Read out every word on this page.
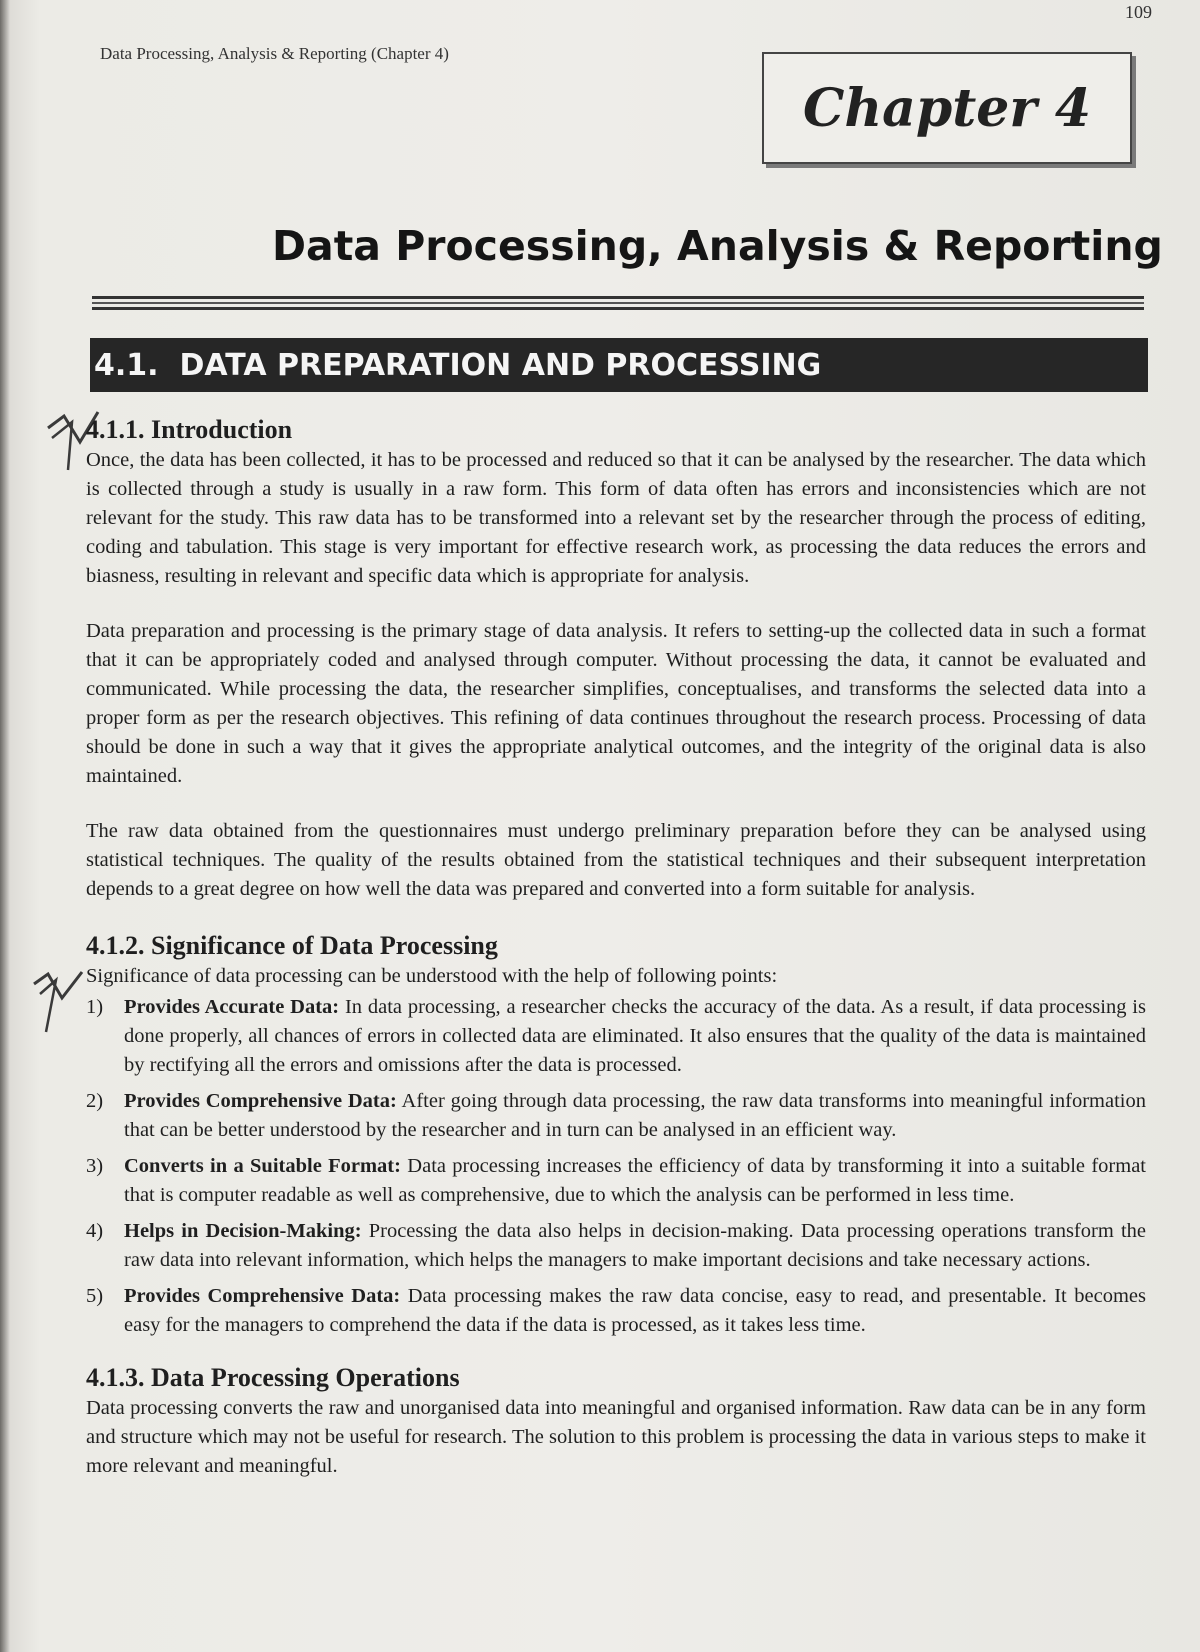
109
Data Processing, Analysis & Reporting (Chapter 4)
Chapter 4
Data Processing, Analysis & Reporting
4.1. DATA PREPARATION AND PROCESSING
4.1.1. Introduction

Once, the data has been collected, it has to be processed and reduced so that it can be analysed by the researcher. The data which is collected through a study is usually in a raw form. This form of data often has errors and inconsistencies which are not relevant for the study. This raw data has to be transformed into a relevant set by the researcher through the process of editing, coding and tabulation. This stage is very important for effective research work, as processing the data reduces the errors and biasness, resulting in relevant and specific data which is appropriate for analysis.

Data preparation and processing is the primary stage of data analysis. It refers to setting-up the collected data in such a format that it can be appropriately coded and analysed through computer. Without processing the data, it cannot be evaluated and communicated. While processing the data, the researcher simplifies, conceptualises, and transforms the selected data into a proper form as per the research objectives. This refining of data continues throughout the research process. Processing of data should be done in such a way that it gives the appropriate analytical outcomes, and the integrity of the original data is also maintained.

The raw data obtained from the questionnaires must undergo preliminary preparation before they can be analysed using statistical techniques. The quality of the results obtained from the statistical techniques and their subsequent interpretation depends to a great degree on how well the data was prepared and converted into a form suitable for analysis.

4.1.2. Significance of Data Processing

Significance of data processing can be understood with the help of following points:

1) Provides Accurate Data: In data processing, a researcher checks the accuracy of the data. As a result, if data processing is done properly, all chances of errors in collected data are eliminated. It also ensures that the quality of the data is maintained by rectifying all the errors and omissions after the data is processed.
2) Provides Comprehensive Data: After going through data processing, the raw data transforms into meaningful information that can be better understood by the researcher and in turn can be analysed in an efficient way.
3) Converts in a Suitable Format: Data processing increases the efficiency of data by transforming it into a suitable format that is computer readable as well as comprehensive, due to which the analysis can be performed in less time.
4) Helps in Decision-Making: Processing the data also helps in decision-making. Data processing operations transform the raw data into relevant information, which helps the managers to make important decisions and take necessary actions.
5) Provides Comprehensive Data: Data processing makes the raw data concise, easy to read, and presentable. It becomes easy for the managers to comprehend the data if the data is processed, as it takes less time.
4.1.3. Data Processing Operations

Data processing converts the raw and unorganised data into meaningful and organised information. Raw data can be in any form and structure which may not be useful for research. The solution to this problem is processing the data in various steps to make it more relevant and meaningful.
